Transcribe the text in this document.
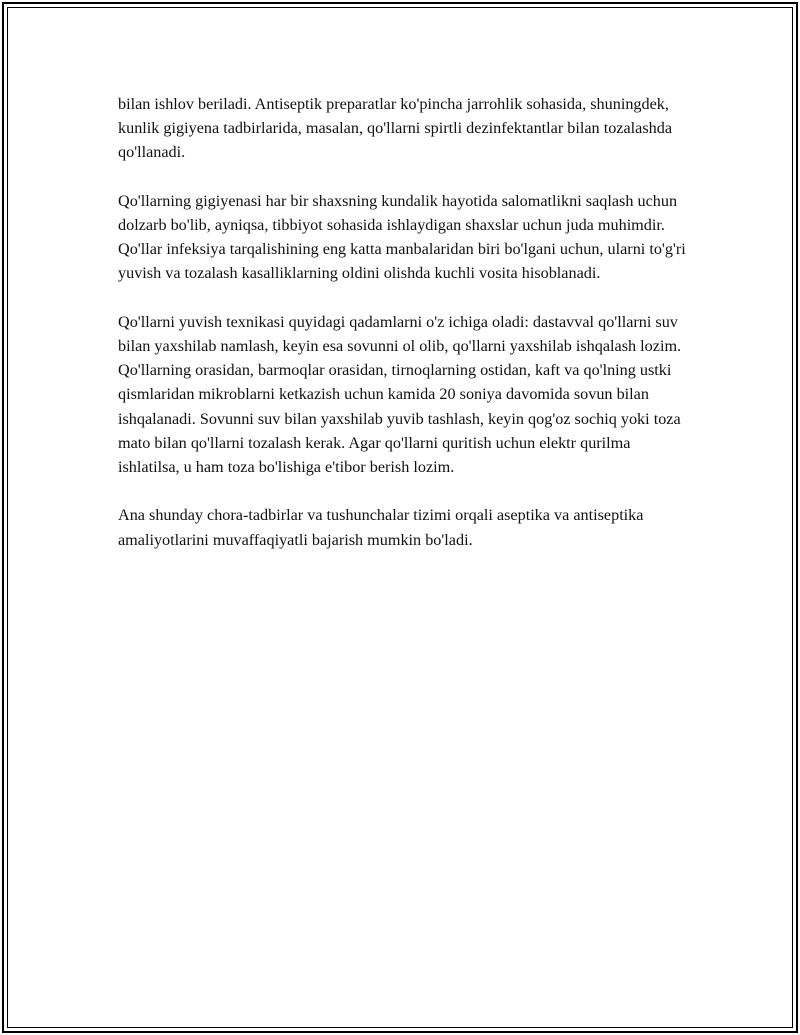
bilan ishlov beriladi. Antiseptik preparatlar ko'pincha jarrohlik sohasida, shuningdek, kunlik gigiyena tadbirlarida, masalan, qo'llarni spirtli dezinfektantlar bilan tozalashda qo'llanadi.

Qo'llarning gigiyenasi har bir shaxsning kundalik hayotida salomatlikni saqlash uchun dolzarb bo'lib, ayniqsa, tibbiyot sohasida ishlaydigan shaxslar uchun juda muhimdir. Qo'llar infeksiya tarqalishining eng katta manbalaridan biri bo'lgani uchun, ularni to'g'ri yuvish va tozalash kasalliklarning oldini olishda kuchli vosita hisoblanadi.

Qo'llarni yuvish texnikasi quyidagi qadamlarni o'z ichiga oladi: dastavval qo'llarni suv bilan yaxshilab namlash, keyin esa sovunni ol olib, qo'llarni yaxshilab ishqalash lozim. Qo'llarning orasidan, barmoqlar orasidan, tirnoqlarning ostidan, kaft va qo'lning ustki qismlaridan mikroblarni ketkazish uchun kamida 20 soniya davomida sovun bilan ishqalanadi. Sovunni suv bilan yaxshilab yuvib tashlash, keyin qog'oz sochiq yoki toza mato bilan qo'llarni tozalash kerak. Agar qo'llarni quritish uchun elektr qurilma ishlatilsa, u ham toza bo'lishiga e'tibor berish lozim.

Ana shunday chora-tadbirlar va tushunchalar tizimi orqali aseptika va antiseptika amaliyotlarini muvaffaqiyatli bajarish mumkin bo'ladi.
